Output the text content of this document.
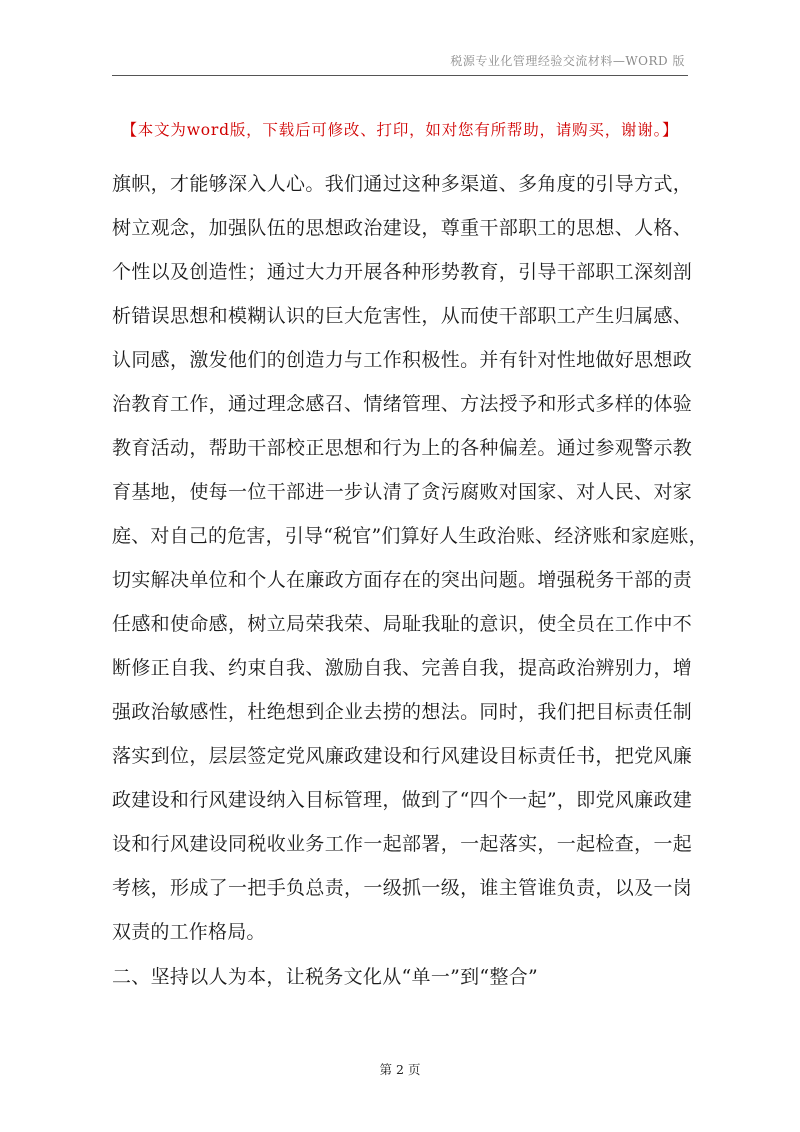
税源专业化管理经验交流材料—WORD 版
【本文为word版，下载后可修改、打印，如对您有所帮助，请购买，谢谢。】
旗帜，才能够深入人心。我们通过这种多渠道、多角度的引导方式，
树立观念，加强队伍的思想政治建设，尊重干部职工的思想、人格、
个性以及创造性；通过大力开展各种形势教育，引导干部职工深刻剖
析错误思想和模糊认识的巨大危害性，从而使干部职工产生归属感、
认同感，激发他们的创造力与工作积极性。并有针对性地做好思想政
治教育工作，通过理念感召、情绪管理、方法授予和形式多样的体验
教育活动，帮助干部校正思想和行为上的各种偏差。通过参观警示教
育基地，使每一位干部进一步认清了贪污腐败对国家、对人民、对家
庭、对自己的危害，引导“税官”们算好人生政治账、经济账和家庭账，
切实解决单位和个人在廉政方面存在的突出问题。增强税务干部的责
任感和使命感，树立局荣我荣、局耻我耻的意识，使全员在工作中不
断修正自我、约束自我、激励自我、完善自我，提高政治辨别力，增
强政治敏感性，杜绝想到企业去捞的想法。同时，我们把目标责任制
落实到位，层层签定党风廉政建设和行风建设目标责任书，把党风廉
政建设和行风建设纳入目标管理，做到了“四个一起”，即党风廉政建
设和行风建设同税收业务工作一起部署，一起落实，一起检查，一起
考核，形成了一把手负总责，一级抓一级，谁主管谁负责，以及一岗
双责的工作格局。
二、坚持以人为本，让税务文化从“单一”到“整合”
第 2 页
